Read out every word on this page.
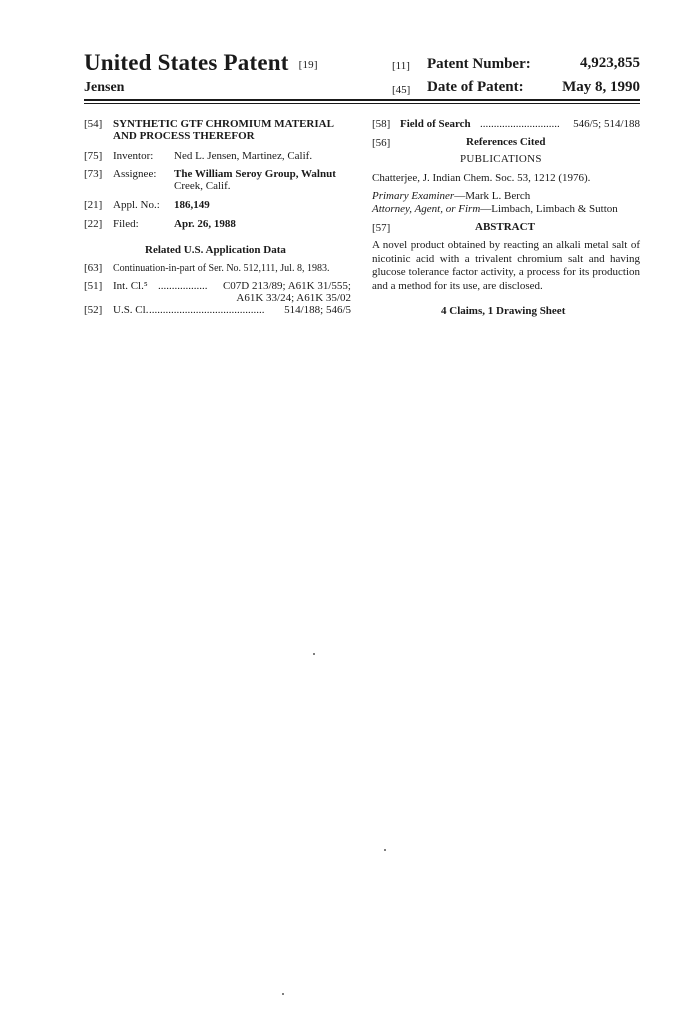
United States Patent [19]
Jensen
[11] Patent Number:	4,923,855
[45] Date of Patent:	May 8, 1990
[54] SYNTHETIC GTF CHROMIUM MATERIAL
AND PROCESS THEREFOR
[75] Inventor: Ned L. Jensen, Martinez, Calif.
[73] Assignee: The William Seroy Group, Walnut
Creek, Calif.
[21] Appl. No.: 186,149
[22] Filed:	Apr. 26, 1988
Related U.S. Application Data
[63] Continuation-in-part of Ser. No. 512,111, Jul. 8, 1983.
[51] Int. Cl.⁵ .................. C07D 213/89; A61K 31/555;
A61K 33/24; A61K 35/02
[52] U.S. Cl. .......................................... 514/188; 546/5
[58] Field of Search ............................. 546/5; 514/188
[56]	References Cited
PUBLICATIONS
Chatterjee, J. Indian Chem. Soc. 53, 1212 (1976).
Primary Examiner—Mark L. Berch
Attorney, Agent, or Firm—Limbach, Limbach & Sutton
[57]	ABSTRACT
A novel product obtained by reacting an alkali metal salt of nicotinic acid with a trivalent chromium salt and having glucose tolerance factor activity, a process for its production and a method for its use, are disclosed.
4 Claims, 1 Drawing Sheet
